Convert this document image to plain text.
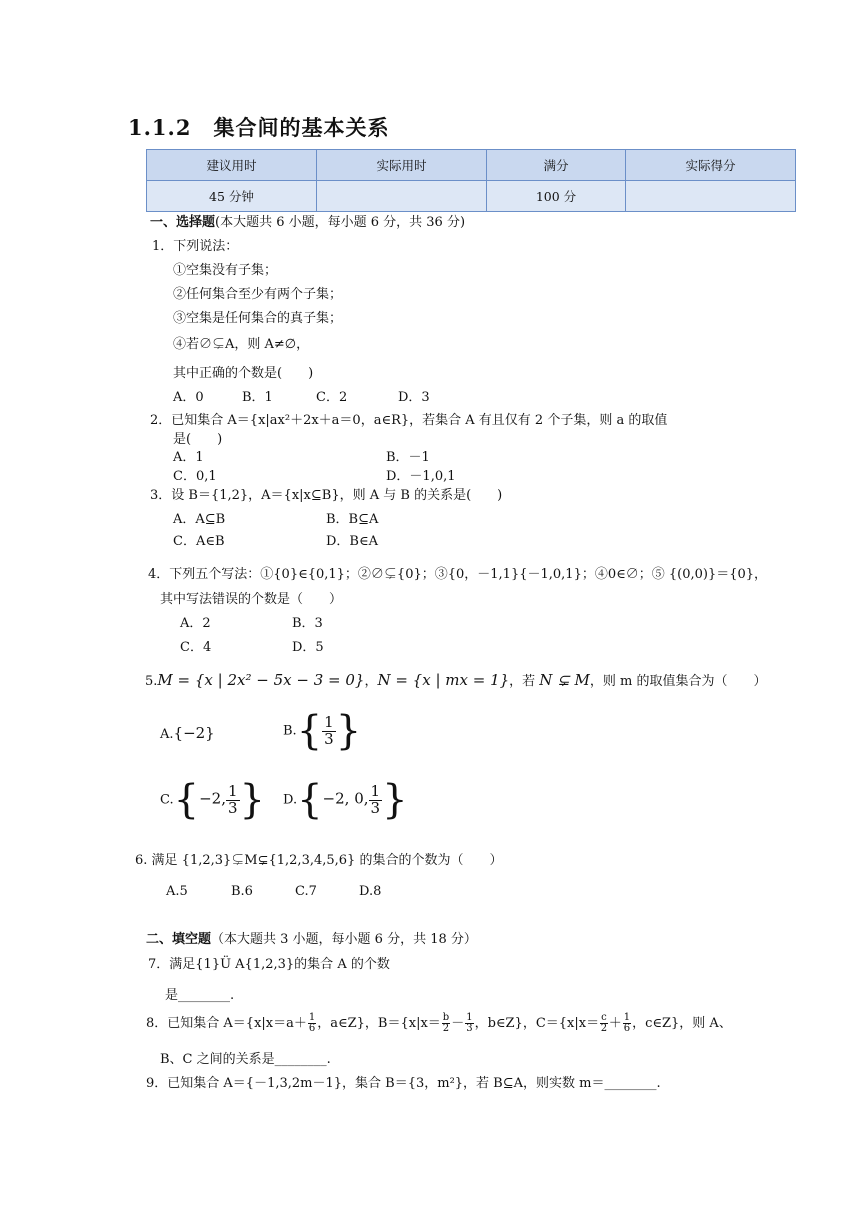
1.1.2 集合间的基本关系
建议用时	实际用时	满分	实际得分
45 分钟		100 分	
一、选择题(本大题共 6 小题，每小题 6 分，共 36 分)
1．下列说法：
①空集没有子集；
②任何集合至少有两个子集；
③空集是任何集合的真子集；
④若∅⊊A，则 A≠∅，
其中正确的个数是(　　)
A．0	B．1	C．2	D．3
2．已知集合 A＝{x|ax²＋2x＋a＝0，a∈R}，若集合 A 有且仅有 2 个子集，则 a 的取值
是(　　)
A．1	B．－1
C．0,1	D．－1,0,1
3．设 B＝{1,2}，A＝{x|x⊆B}，则 A 与 B 的关系是(　　)
A．A⊆B	B．B⊆A
C．A∈B	D．B∈A
4．下列五个写法：①{0}∈{0,1}；②∅⊊{0}；③{0，－1,1}{－1,0,1}；④0∈∅；⑤ {(0,0)}＝{0}，
其中写法错误的个数是（　　）
A．2	B．3
C．4	D．5
5.M = {x | 2x² − 5x − 3 = 0}，N = {x | mx = 1}，若 N ⊊ M，则 m 的取值集合为（　　）
A.{−2}	$B.\{ \frac{1}{3}$ }
C.{−2, $\frac{1}{3}$ } D.{−2, 0, $\frac{1}{3}$ }
6. 满足 {1,2,3}⊊M⊊{1,2,3,4,5,6} 的集合的个数为（　　）
A.5	B.6	C.7	D.8
二、填空题（本大题共 3 小题，每小题 6 分，共 18 分）
7．满足{1}Ü A{1,2,3}的集合 A 的个数
是________.
8．已知集合 $A=\{x|x=a+ \frac{1}{6}$ ，a∈Z}，$B=\{x|x= \frac{b}{2} - \frac{1}{3}$ ，b∈Z}，$C=\{x|x= \frac{c}{2} + \frac{1}{6}$ ，c∈Z}，则 A、
B、C 之间的关系是________.
9．已知集合 A＝{－1,3,2m－1}，集合 B＝{3，m²}，若 B⊆A，则实数 m＝________.
